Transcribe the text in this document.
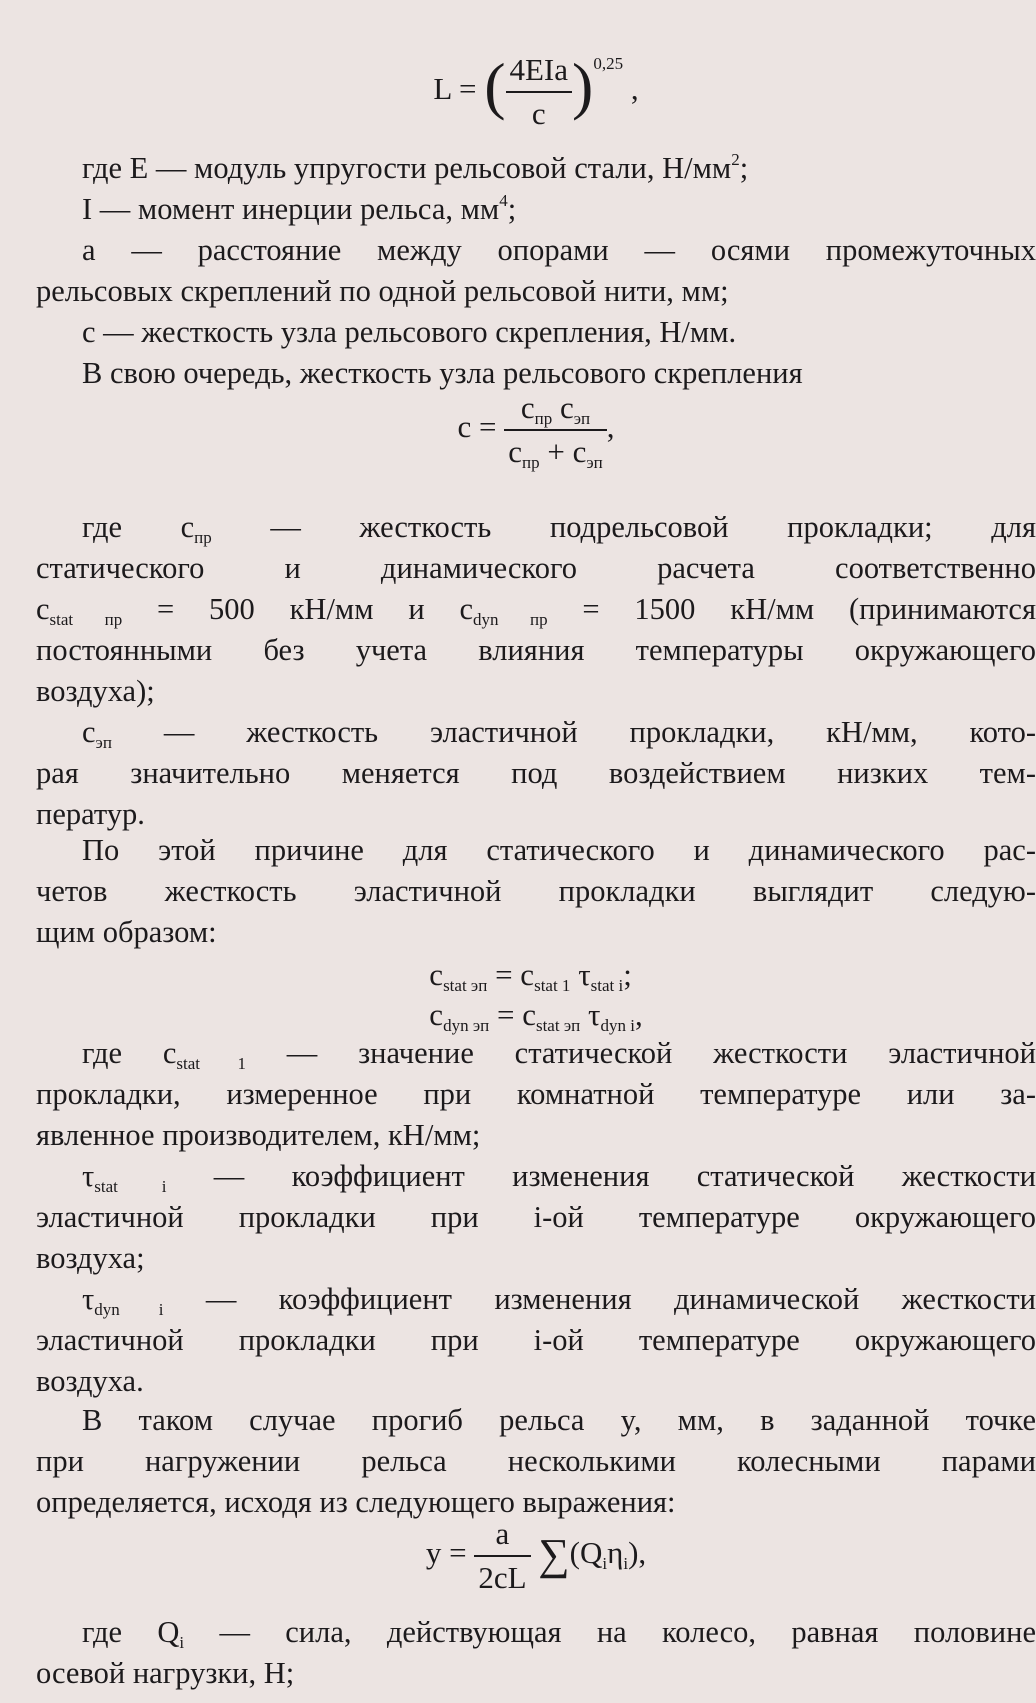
L = ( $\frac{\text{4EIa}}{c} )^{0,25}$ ,
где E — модуль упругости рельсовой стали, $Н/мм^2$;
I — момент инерции рельса, $мм^4$;
a — расстояние между опорами — осями промежуточных
рельсовых скреплений по одной рельсовой нити, мм;
c — жесткость узла рельсового скрепления, Н/мм.
В свою очередь, жесткость узла рельсового скрепления
$c = \frac{c_{пр} c_{эп}}{c_{пр} + c_{эп}}$ ,
где $c_{пр}$ — жесткость подрельсовой прокладки; для
статического и динамического расчета соответственно
$c_{stat пр} = 500$ кН/мм и $c_{dyn пр} = 1500$ кН/мм (принимаются
постоянными без учета влияния температуры окружающего
воздуха);
$c_{эп}$ — жесткость эластичной прокладки, кН/мм, кото-
рая значительно меняется под воздействием низких тем-
ператур.
По этой причине для статического и динамического рас-
четов жесткость эластичной прокладки выглядит следую-
щим образом:
$c_{stat эп} = c_{stat 1}$ $\tau_{stat i}$;
$c_{dyn эп} = c_{stat эп}$ $\tau_{dyn i}$,
где $c_{stat 1}$ — значение статической жесткости эластичной
прокладки, измеренное при комнатной температуре или за-
явленное производителем, кН/мм;
$\tau_{stat i}$ — коэффициент изменения статической жесткости
эластичной прокладки при i-ой температуре окружающего
воздуха;
$\tau_{dyn i}$ — коэффициент изменения динамической жесткости
эластичной прокладки при i-ой температуре окружающего
воздуха.
В таком случае прогиб рельса y, мм, в заданной точке
при нагружении рельса несколькими колесными парами
определяется, исходя из следующего выражения:
$y = \frac{a}{2cL} \sum(Q_i\eta_i)$,
где $Q_i$ — сила, действующая на колесо, равная половине
осевой нагрузки, Н;
